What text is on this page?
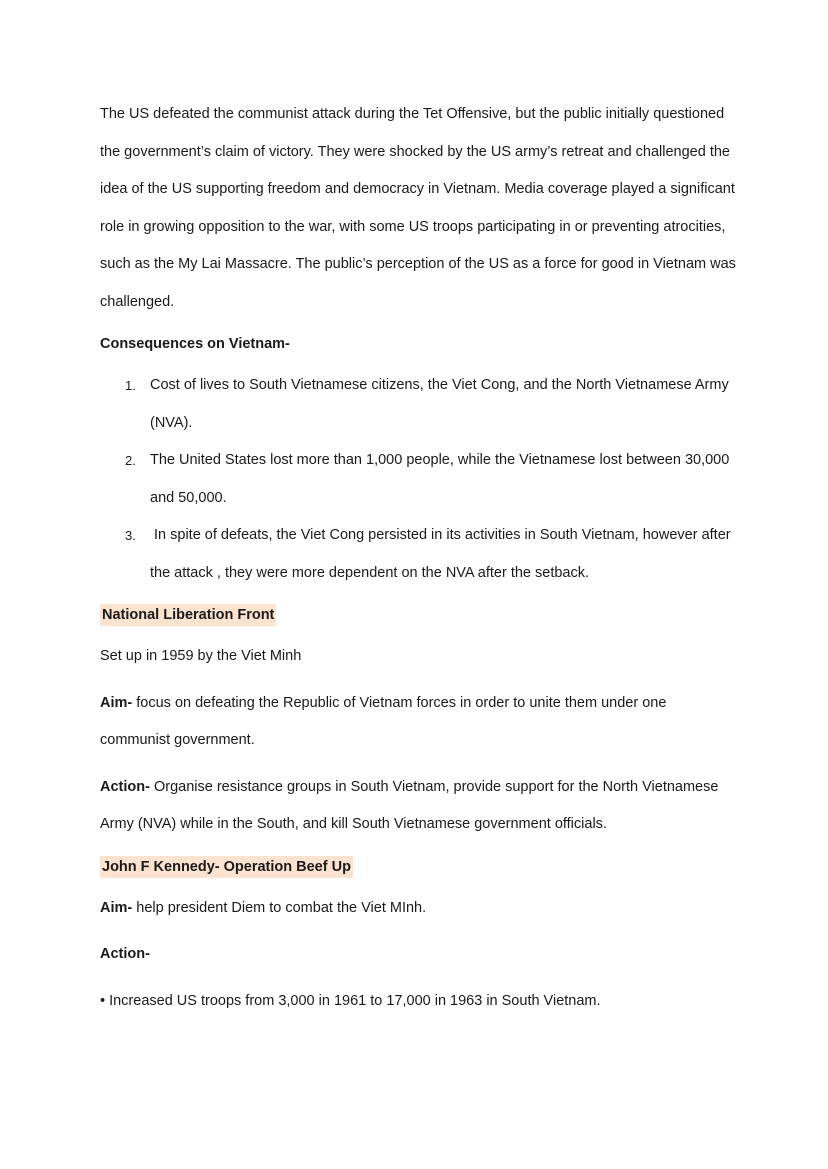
The US defeated the communist attack during the Tet Offensive, but the public initially questioned
the government’s claim of victory. They were shocked by the US army’s retreat and challenged the
idea of the US supporting freedom and democracy in Vietnam. Media coverage played a significant
role in growing opposition to the war, with some US troops participating in or preventing atrocities,
such as the My Lai Massacre. The public’s perception of the US as a force for good in Vietnam was
challenged.

Consequences on Vietnam-
1. Cost of lives to South Vietnamese citizens, the Viet Cong, and the North Vietnamese Army
(NVA).
2. The United States lost more than 1,000 people, while the Vietnamese lost between 30,000
and 50,000.
3. In spite of defeats, the Viet Cong persisted in its activities in South Vietnam, however after
the attack , they were more dependent on the NVA after the setback.
National Liberation Front
Set up in 1959 by the Viet Minh
Aim- focus on defeating the Republic of Vietnam forces in order to unite them under one
communist government.
Action- Organise resistance groups in South Vietnam, provide support for the North Vietnamese
Army (NVA) while in the South, and kill South Vietnamese government officials.
John F Kennedy- Operation Beef Up
Aim- help president Diem to combat the Viet MInh.
Action-
• Increased US troops from 3,000 in 1961 to 17,000 in 1963 in South Vietnam.
